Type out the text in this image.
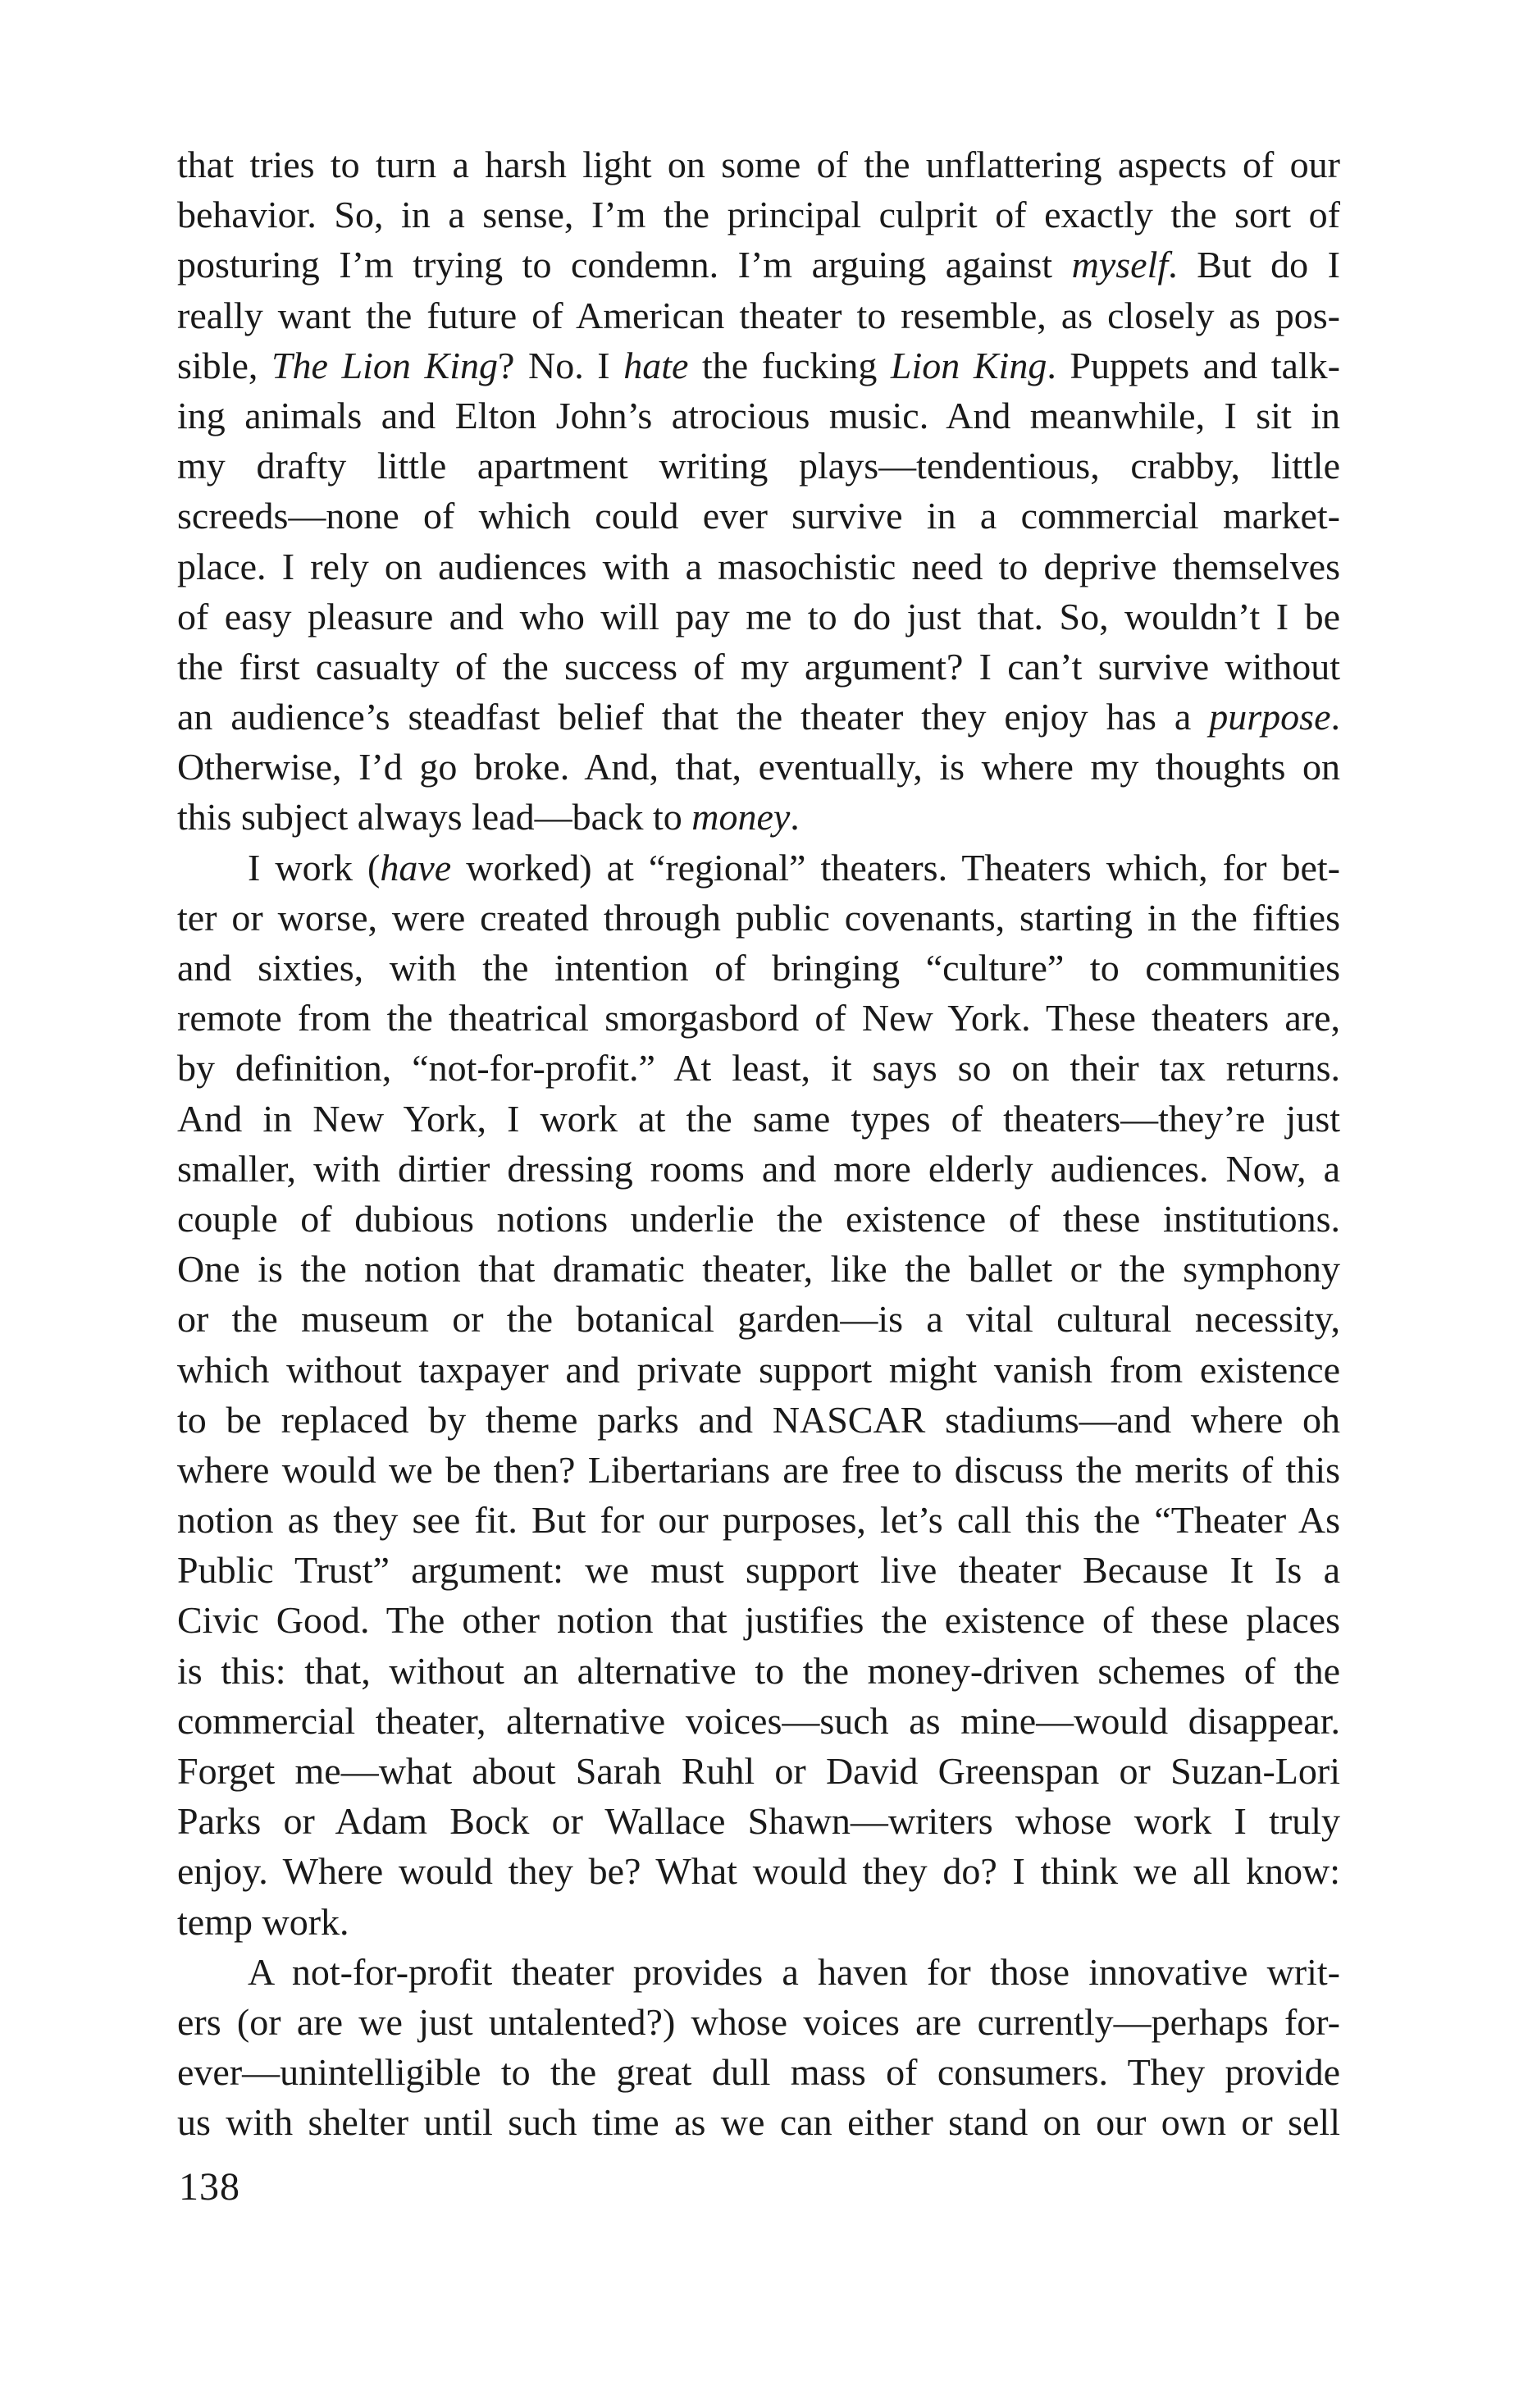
that tries to turn a harsh light on some of the unflattering aspects of our
behavior. So, in a sense, I’m the principal culprit of exactly the sort of
posturing I’m trying to condemn. I’m arguing against myself. But do I
really want the future of American theater to resemble, as closely as pos-
sible, The Lion King? No. I hate the fucking Lion King. Puppets and talk-
ing animals and Elton John’s atrocious music. And meanwhile, I sit in
my drafty little apartment writing plays—tendentious, crabby, little
screeds—none of which could ever survive in a commercial market-
place. I rely on audiences with a masochistic need to deprive themselves
of easy pleasure and who will pay me to do just that. So, wouldn’t I be
the first casualty of the success of my argument? I can’t survive without
an audience’s steadfast belief that the theater they enjoy has a purpose.
Otherwise, I’d go broke. And, that, eventually, is where my thoughts on
this subject always lead—back to money.
I work (have worked) at “regional” theaters. Theaters which, for bet-
ter or worse, were created through public covenants, starting in the fifties
and sixties, with the intention of bringing “culture” to communities
remote from the theatrical smorgasbord of New York. These theaters are,
by definition, “not-for-profit.” At least, it says so on their tax returns.
And in New York, I work at the same types of theaters—they’re just
smaller, with dirtier dressing rooms and more elderly audiences. Now, a
couple of dubious notions underlie the existence of these institutions.
One is the notion that dramatic theater, like the ballet or the symphony
or the museum or the botanical garden—is a vital cultural necessity,
which without taxpayer and private support might vanish from existence
to be replaced by theme parks and NASCAR stadiums—and where oh
where would we be then? Libertarians are free to discuss the merits of this
notion as they see fit. But for our purposes, let’s call this the “Theater As
Public Trust” argument: we must support live theater Because It Is a
Civic Good. The other notion that justifies the existence of these places
is this: that, without an alternative to the money-driven schemes of the
commercial theater, alternative voices—such as mine—would disappear.
Forget me—what about Sarah Ruhl or David Greenspan or Suzan-Lori
Parks or Adam Bock or Wallace Shawn—writers whose work I truly
enjoy. Where would they be? What would they do? I think we all know:
temp work.
A not-for-profit theater provides a haven for those innovative writ-
ers (or are we just untalented?) whose voices are currently—perhaps for-
ever—unintelligible to the great dull mass of consumers. They provide
us with shelter until such time as we can either stand on our own or sell
138
